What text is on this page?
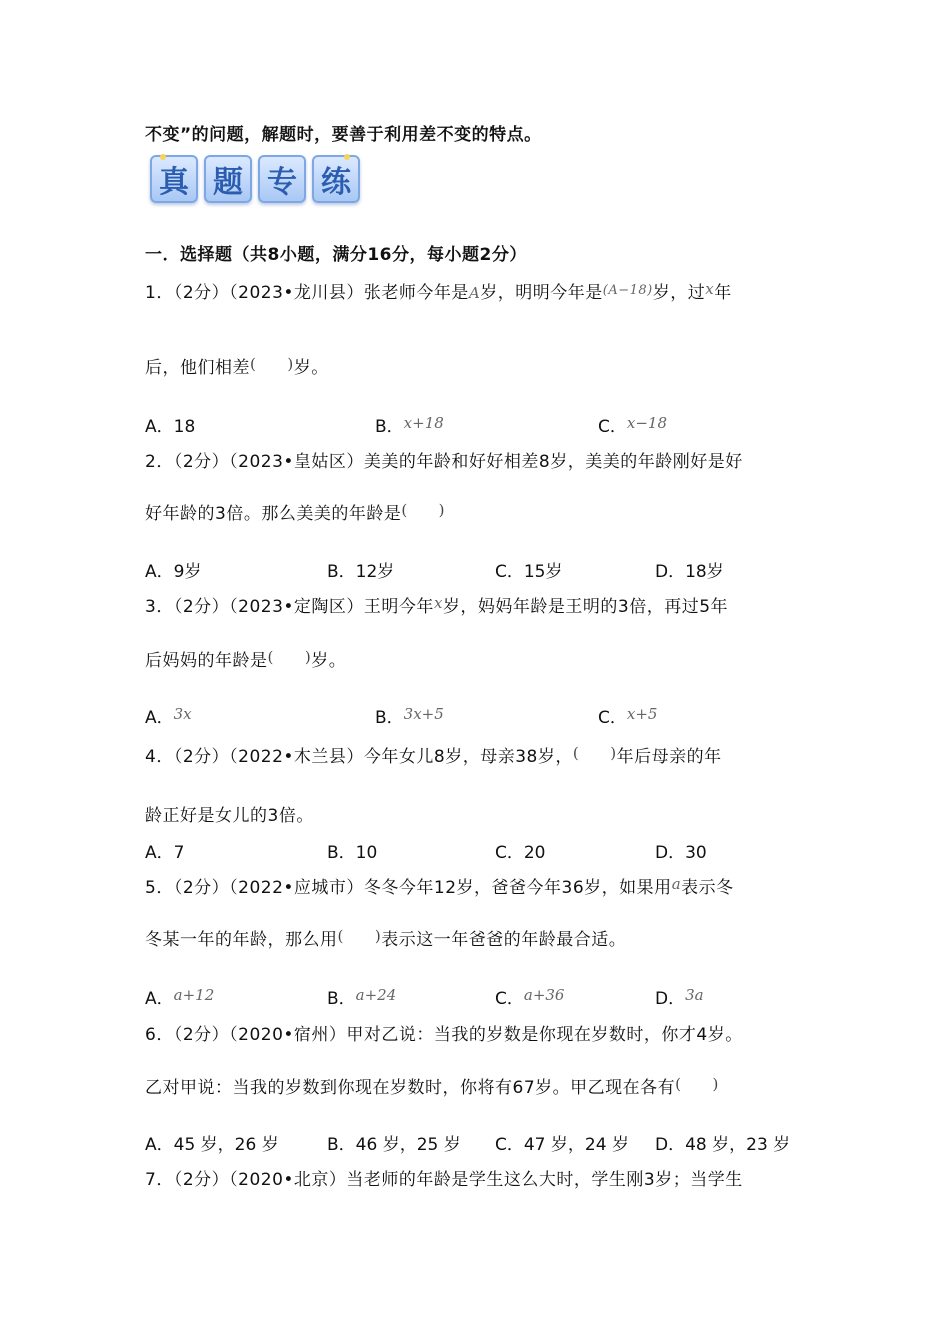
不变”的问题，解题时，要善于利用差不变的特点。
真 题 专 练
一．选择题（共8小题，满分16分，每小题2分）
1．（2分）（2023•龙川县）张老师今年是A岁，明明今年是$^{(A-18)}$岁，过x年
后，他们相差(　　)岁。
A．18	B．x+18	C．x−18
2．（2分）（2023•皇姑区）美美的年龄和好好相差8岁，美美的年龄刚好是好
好年龄的3倍。那么美美的年龄是(　　)
A．9岁	B．12岁	C．15岁	D．18岁
3．（2分）（2023•定陶区）王明今年x岁，妈妈年龄是王明的3倍，再过5年
后妈妈的年龄是(　　)岁。
A．3x	B．3x+5	C．x+5
4．（2分）（2022•木兰县）今年女儿8岁，母亲38岁，(　　)年后母亲的年
龄正好是女儿的3倍。
A．7	B．10	C．20	D．30
5．（2分）（2022•应城市）冬冬今年12岁，爸爸今年36岁，如果用a表示冬
冬某一年的年龄，那么用(　　)表示这一年爸爸的年龄最合适。
A．a+12	B．a+24	C．a+36	D．3a
6．（2分）（2020•宿州）甲对乙说：当我的岁数是你现在岁数时，你才4岁。
乙对甲说：当我的岁数到你现在岁数时，你将有67岁。甲乙现在各有(　　)
A．45 岁，26 岁	B．46 岁，25 岁 C．47 岁，24 岁 D．48 岁，23 岁
7．（2分）（2020•北京）当老师的年龄是学生这么大时，学生刚3岁；当学生
